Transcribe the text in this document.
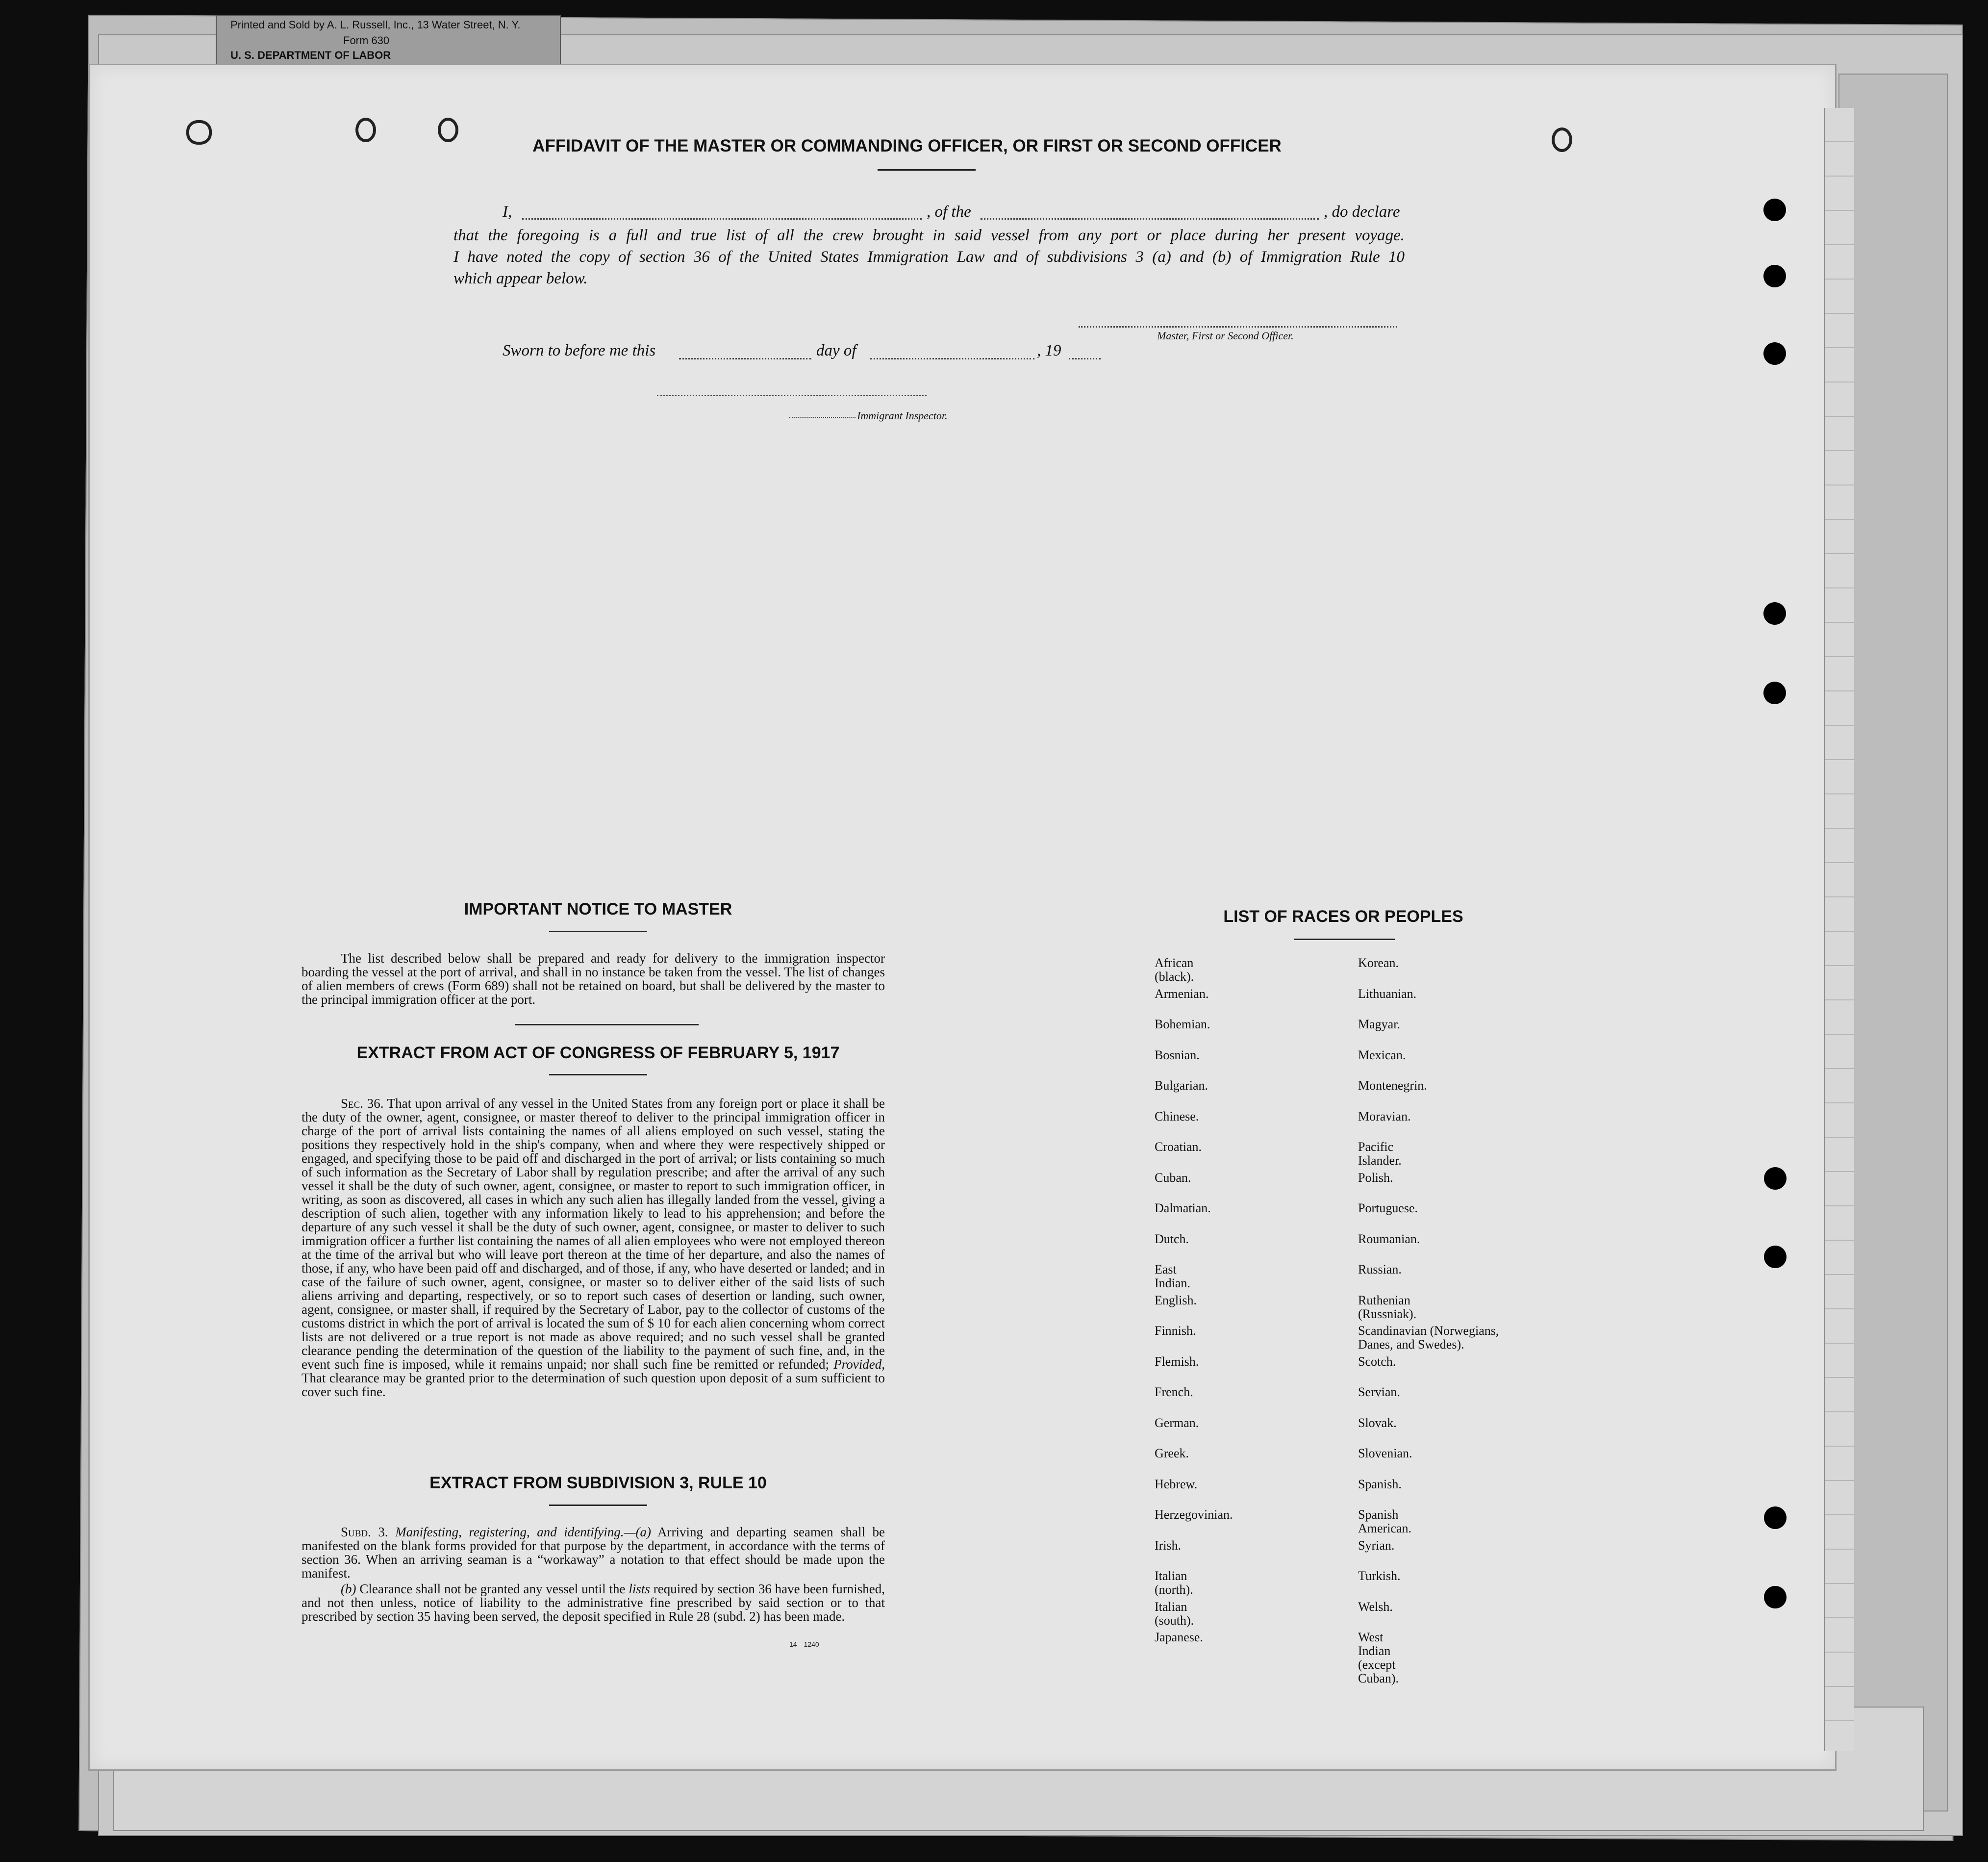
Printed and Sold by A. L. Russell, Inc., 13 Water Street, N. Y.
Form 630
U. S. DEPARTMENT OF LABOR
AFFIDAVIT OF THE MASTER OR COMMANDING OFFICER, OR FIRST OR SECOND OFFICER
I,	, of the	, do declare
that the foregoing is a full and true list of all the crew brought in said vessel from any port or place during her present voyage.
I have noted the copy of section 36 of the United States Immigration Law and of subdivisions 3 (a) and (b) of Immigration Rule 10
which appear below.
Master, First or Second Officer.
Sworn to before me this	day of	, 19
Immigrant Inspector.
IMPORTANT NOTICE TO MASTER
The list described below shall be prepared and ready for delivery to the immigration inspector boarding the vessel at the port of arrival, and shall in no instance be taken from the vessel. The list of changes of alien members of crews (Form 689) shall not be retained on board, but shall be delivered by the master to the principal immigration officer at the port.
EXTRACT FROM ACT OF CONGRESS OF FEBRUARY 5, 1917
Sec. 36. That upon arrival of any vessel in the United States from any foreign port or place it shall be the duty of the owner, agent, consignee, or master thereof to deliver to the principal immigration officer in charge of the port of arrival lists containing the names of all aliens employed on such vessel, stating the positions they respectively hold in the ship's company, when and where they were respectively shipped or engaged, and specifying those to be paid off and discharged in the port of arrival; or lists containing so much of such information as the Secretary of Labor shall by regulation prescribe; and after the arrival of any such vessel it shall be the duty of such owner, agent, consignee, or master to report to such immigration officer, in writing, as soon as discovered, all cases in which any such alien has illegally landed from the vessel, giving a description of such alien, together with any information likely to lead to his apprehension; and before the departure of any such vessel it shall be the duty of such owner, agent, consignee, or master to deliver to such immigration officer a further list containing the names of all alien employees who were not employed thereon at the time of the arrival but who will leave port thereon at the time of her departure, and also the names of those, if any, who have been paid off and discharged, and of those, if any, who have deserted or landed; and in case of the failure of such owner, agent, consignee, or master so to deliver either of the said lists of such aliens arriving and departing, respectively, or so to report such cases of desertion or landing, such owner, agent, consignee, or master shall, if required by the Secretary of Labor, pay to the collector of customs of the customs district in which the port of arrival is located the sum of $ 10 for each alien concerning whom correct lists are not delivered or a true report is not made as above required; and no such vessel shall be granted clearance pending the determination of the question of the liability to the payment of such fine, and, in the event such fine is imposed, while it remains unpaid; nor shall such fine be remitted or refunded; Provided, That clearance may be granted prior to the determination of such question upon deposit of a sum sufficient to cover such fine.
EXTRACT FROM SUBDIVISION 3, RULE 10
Subd. 3. Manifesting, registering, and identifying.—(a) Arriving and departing seamen shall be manifested on the blank forms provided for that purpose by the department, in accordance with the terms of section 36. When an arriving seaman is a “workaway” a notation to that effect should be made upon the manifest.
(b) Clearance shall not be granted any vessel until the lists required by section 36 have been furnished, and not then unless, notice of liability to the administrative fine prescribed by said section or to that prescribed by section 35 having been served, the deposit specified in Rule 28 (subd. 2) has been made.
14—1240
LIST OF RACES OR PEOPLES
African (black).
Armenian.
Bohemian.
Bosnian.
Bulgarian.
Chinese.
Croatian.
Cuban.
Dalmatian.
Dutch.
East Indian.
English.
Finnish.
Flemish.
French.
German.
Greek.
Hebrew.
Herzegovinian.
Irish.
Italian (north).
Italian (south).
Japanese.
Korean.
Lithuanian.
Magyar.
Mexican.
Montenegrin.
Moravian.
Pacific Islander.
Polish.
Portuguese.
Roumanian.
Russian.
Ruthenian (Russniak).
Scandinavian (Norwegians, Danes, and Swedes).
Scotch.
Servian.
Slovak.
Slovenian.
Spanish.
Spanish American.
Syrian.
Turkish.
Welsh.
West Indian (except Cuban).
